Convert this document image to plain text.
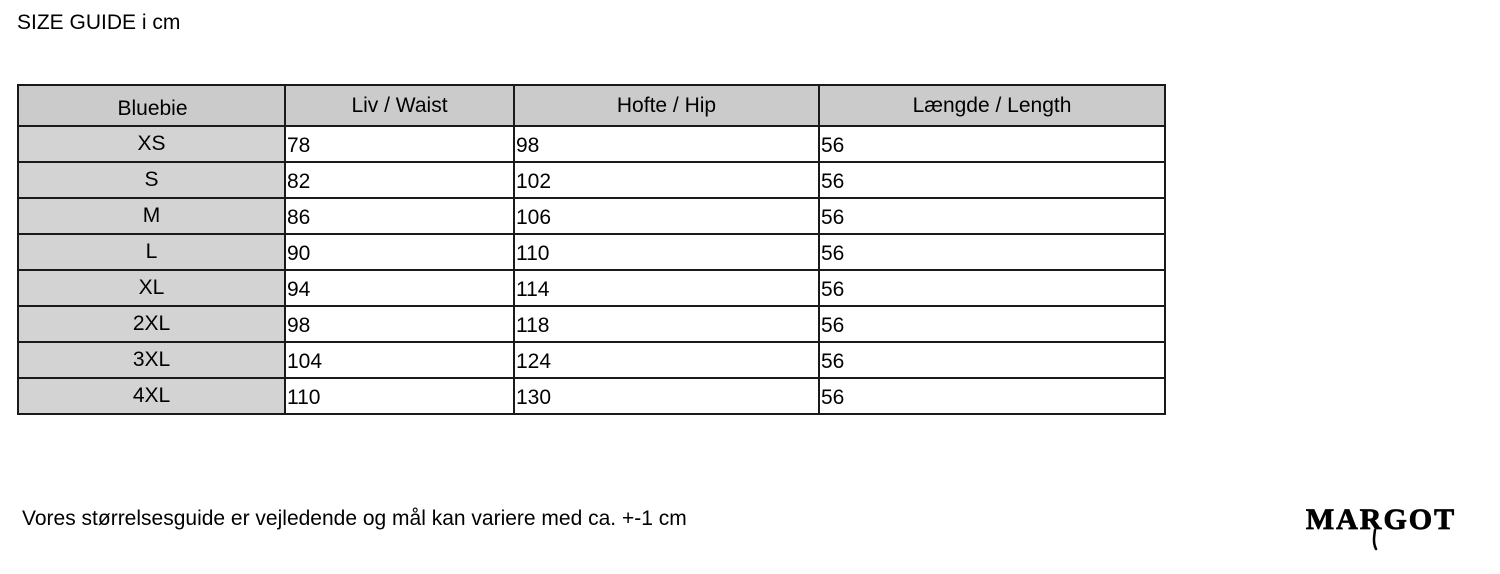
SIZE GUIDE i cm
Bluebie	Liv / Waist	Hofte / Hip	Længde / Length
XS	78	98	56
S	82	102	56
M	86	106	56
L	90	110	56
XL	94	114	56
2XL	98	118	56
3XL	104	124	56
4XL	110	130	56
Vores størrelsesguide er vejledende og mål kan variere med ca. +-1 cm	MARGOT
